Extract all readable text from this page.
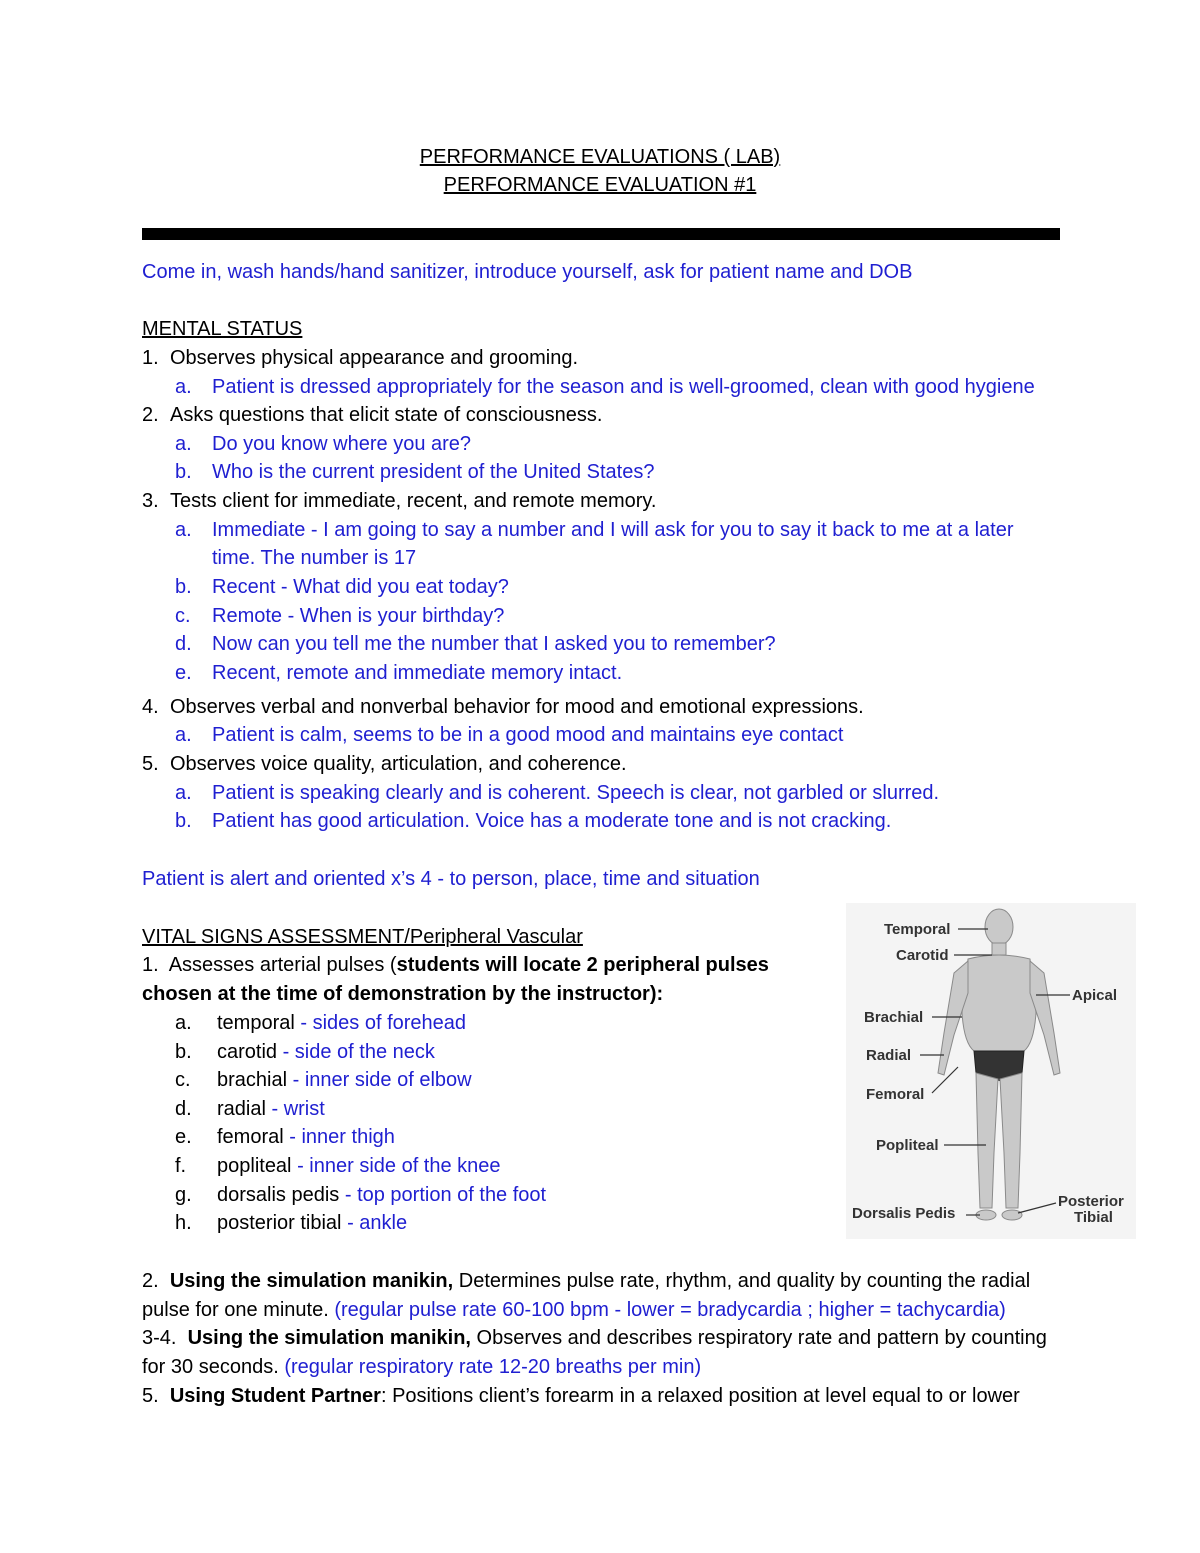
PERFORMANCE EVALUATIONS ( LAB)
PERFORMANCE EVALUATION #1
Come in, wash hands/hand sanitizer, introduce yourself, ask for patient name and DOB
MENTAL STATUS
1. Observes physical appearance and grooming.
a. Patient is dressed appropriately for the season and is well-groomed, clean with good hygiene
2. Asks questions that elicit state of consciousness.
a. Do you know where you are?
b. Who is the current president of the United States?
3. Tests client for immediate, recent, and remote memory.
a. Immediate - I am going to say a number and I will ask for you to say it back to me at a later
time. The number is 17
b. Recent - What did you eat today?
c. Remote - When is your birthday?
d. Now can you tell me the number that I asked you to remember?
e. Recent, remote and immediate memory intact.
4. Observes verbal and nonverbal behavior for mood and emotional expressions.
a. Patient is calm, seems to be in a good mood and maintains eye contact
5. Observes voice quality, articulation, and coherence.
a. Patient is speaking clearly and is coherent. Speech is clear, not garbled or slurred.
b. Patient has good articulation. Voice has a moderate tone and is not cracking.
Patient is alert and oriented x’s 4 - to person, place, time and situation
VITAL SIGNS ASSESSMENT/Peripheral Vascular
1. Assesses arterial pulses (students will locate 2 peripheral pulses
chosen at the time of demonstration by the instructor):
a. temporal - sides of forehead
b. carotid - side of the neck
c. brachial - inner side of elbow
d. radial - wrist
e. femoral - inner thigh
f. popliteal - inner side of the knee
g. dorsalis pedis - top portion of the foot
h. posterior tibial - ankle
2. Using the simulation manikin, Determines pulse rate, rhythm, and quality by counting the radial
pulse for one minute. (regular pulse rate 60-100 bpm - lower = bradycardia ; higher = tachycardia)
3-4. Using the simulation manikin, Observes and describes respiratory rate and pattern by counting
for 30 seconds. (regular respiratory rate 12-20 breaths per min)
5. Using Student Partner: Positions client’s forearm in a relaxed position at level equal to or lower
Temporal
Carotid
Apical
Brachial
Radial
Femoral
Popliteal
Dorsalis Pedis
Posterior
Tibial
